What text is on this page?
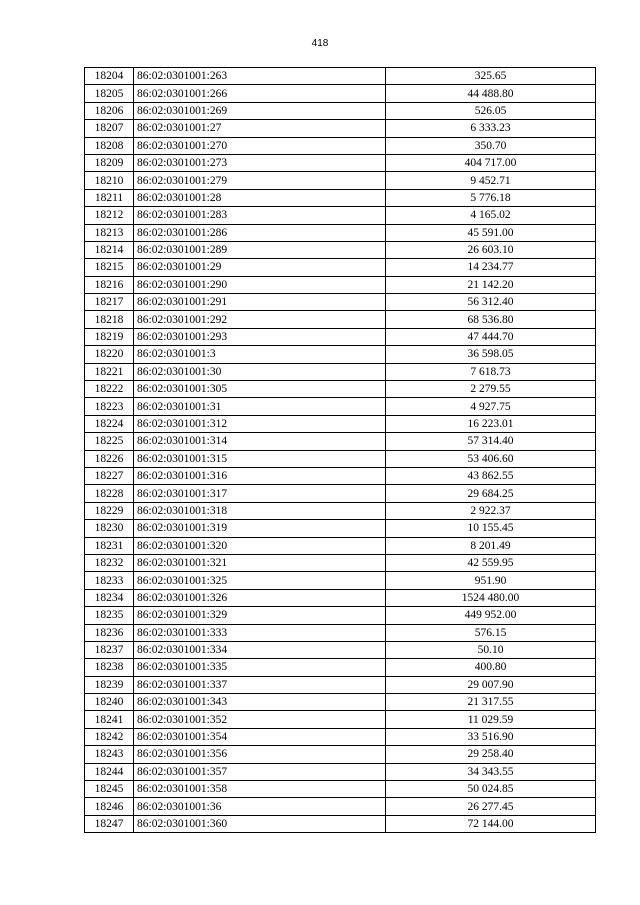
418
18204	86:02:0301001:263	325.65
18205	86:02:0301001:266	44 488.80
18206	86:02:0301001:269	526.05
18207	86:02:0301001:27	6 333.23
18208	86:02:0301001:270	350.70
18209	86:02:0301001:273	404 717.00
18210	86:02:0301001:279	9 452.71
18211	86:02:0301001:28	5 776.18
18212	86:02:0301001:283	4 165.02
18213	86:02:0301001:286	45 591.00
18214	86:02:0301001:289	26 603.10
18215	86:02:0301001:29	14 234.77
18216	86:02:0301001:290	21 142.20
18217	86:02:0301001:291	56 312.40
18218	86:02:0301001:292	68 536.80
18219	86:02:0301001:293	47 444.70
18220	86:02:0301001:3	36 598.05
18221	86:02:0301001:30	7 618.73
18222	86:02:0301001:305	2 279.55
18223	86:02:0301001:31	4 927.75
18224	86:02:0301001:312	16 223.01
18225	86:02:0301001:314	57 314.40
18226	86:02:0301001:315	53 406.60
18227	86:02:0301001:316	43 862.55
18228	86:02:0301001:317	29 684.25
18229	86:02:0301001:318	2 922.37
18230	86:02:0301001:319	10 155.45
18231	86:02:0301001:320	8 201.49
18232	86:02:0301001:321	42 559.95
18233	86:02:0301001:325	951.90
18234	86:02:0301001:326	1524 480.00
18235	86:02:0301001:329	449 952.00
18236	86:02:0301001:333	576.15
18237	86:02:0301001:334	50.10
18238	86:02:0301001:335	400.80
18239	86:02:0301001:337	29 007.90
18240	86:02:0301001:343	21 317.55
18241	86:02:0301001:352	11 029.59
18242	86:02:0301001:354	33 516.90
18243	86:02:0301001:356	29 258.40
18244	86:02:0301001:357	34 343.55
18245	86:02:0301001:358	50 024.85
18246	86:02:0301001:36	26 277.45
18247	86:02:0301001:360	72 144.00
